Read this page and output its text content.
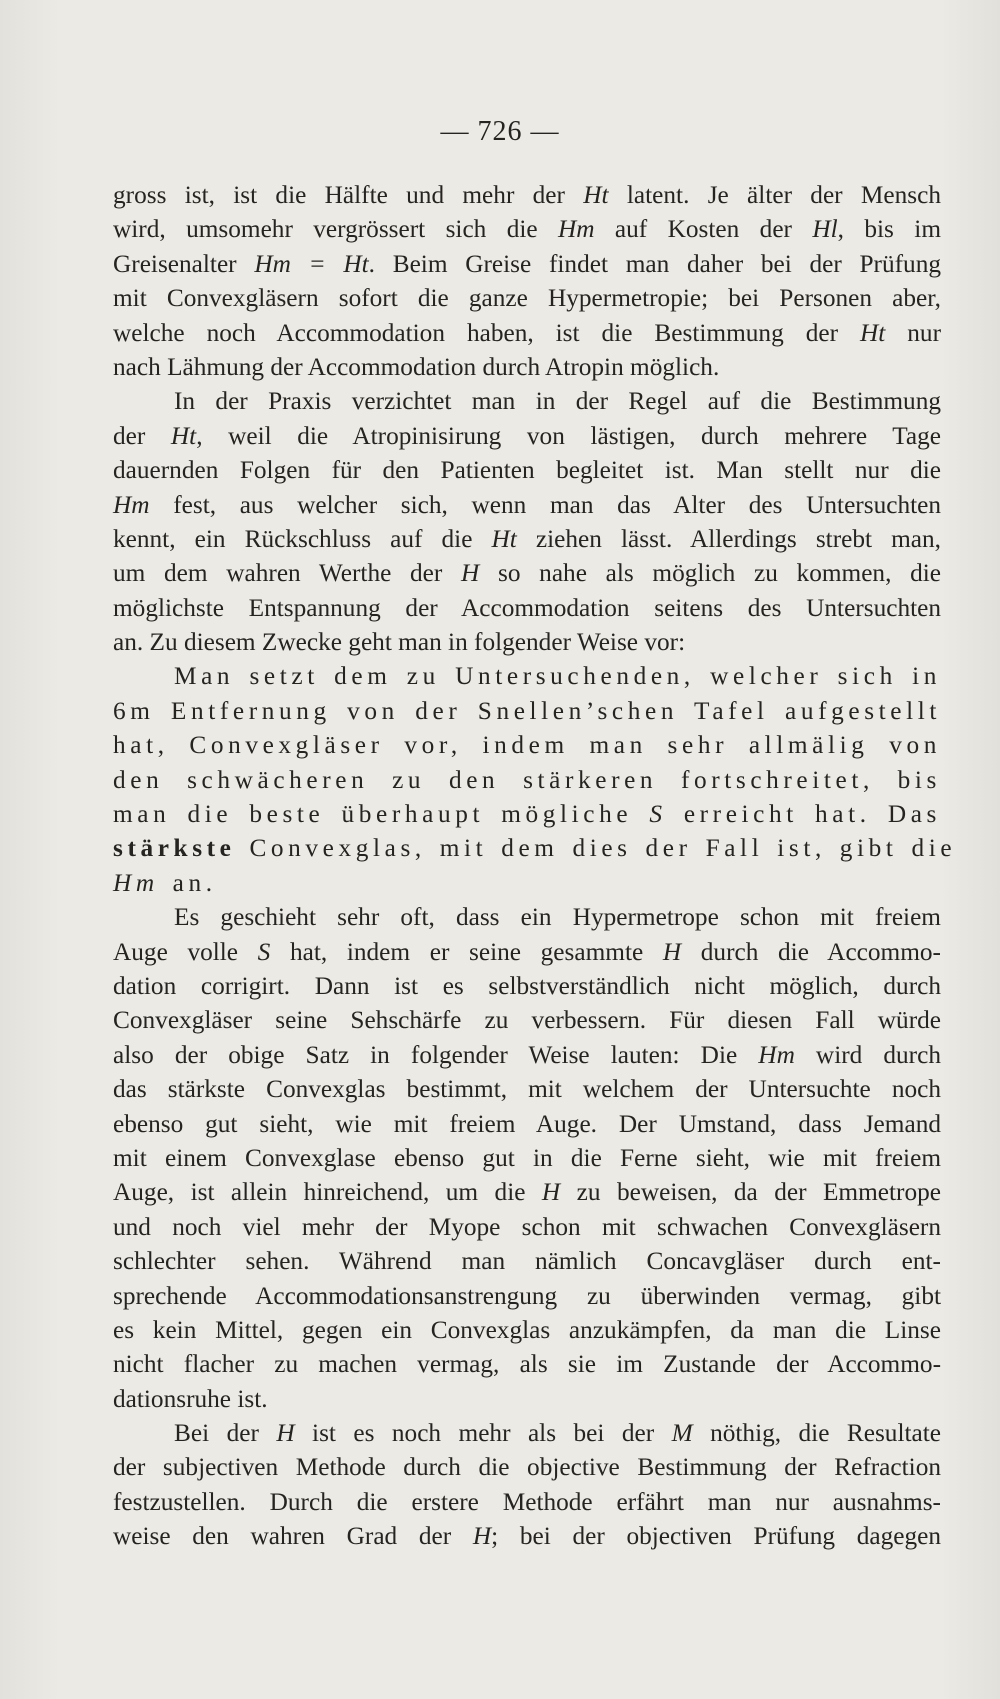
— 726 —
gross ist, ist die Hälfte und mehr der Ht latent. Je älter der Mensch
wird, umsomehr vergrössert sich die Hm auf Kosten der Hl, bis im
Greisenalter Hm = Ht. Beim Greise findet man daher bei der Prüfung
mit Convexgläsern sofort die ganze Hypermetropie; bei Personen aber,
welche noch Accommodation haben, ist die Bestimmung der Ht nur
nach Lähmung der Accommodation durch Atropin möglich.
In der Praxis verzichtet man in der Regel auf die Bestimmung
der Ht, weil die Atropinisirung von lästigen, durch mehrere Tage
dauernden Folgen für den Patienten begleitet ist. Man stellt nur die
Hm fest, aus welcher sich, wenn man das Alter des Untersuchten
kennt, ein Rückschluss auf die Ht ziehen lässt. Allerdings strebt man,
um dem wahren Werthe der H so nahe als möglich zu kommen, die
möglichste Entspannung der Accommodation seitens des Untersuchten
an. Zu diesem Zwecke geht man in folgender Weise vor:
Man setzt dem zu Untersuchenden, welcher sich in
6m Entfernung von der Snellen’schen Tafel aufgestellt
hat, Convexgläser vor, indem man sehr allmälig von
den schwächeren zu den stärkeren fortschreitet, bis
man die beste überhaupt mögliche S erreicht hat. Das
stärkste Convexglas, mit dem dies der Fall ist, gibt die
Hm an.
Es geschieht sehr oft, dass ein Hypermetrope schon mit freiem
Auge volle S hat, indem er seine gesammte H durch die Accommo-
dation corrigirt. Dann ist es selbstverständlich nicht möglich, durch
Convexgläser seine Sehschärfe zu verbessern. Für diesen Fall würde
also der obige Satz in folgender Weise lauten: Die Hm wird durch
das stärkste Convexglas bestimmt, mit welchem der Untersuchte noch
ebenso gut sieht, wie mit freiem Auge. Der Umstand, dass Jemand
mit einem Convexglase ebenso gut in die Ferne sieht, wie mit freiem
Auge, ist allein hinreichend, um die H zu beweisen, da der Emmetrope
und noch viel mehr der Myope schon mit schwachen Convexgläsern
schlechter sehen. Während man nämlich Concavgläser durch ent-
sprechende Accommodationsanstrengung zu überwinden vermag, gibt
es kein Mittel, gegen ein Convexglas anzukämpfen, da man die Linse
nicht flacher zu machen vermag, als sie im Zustande der Accommo-
dationsruhe ist.
Bei der H ist es noch mehr als bei der M nöthig, die Resultate
der subjectiven Methode durch die objective Bestimmung der Refraction
festzustellen. Durch die erstere Methode erfährt man nur ausnahms-
weise den wahren Grad der H; bei der objectiven Prüfung dagegen
